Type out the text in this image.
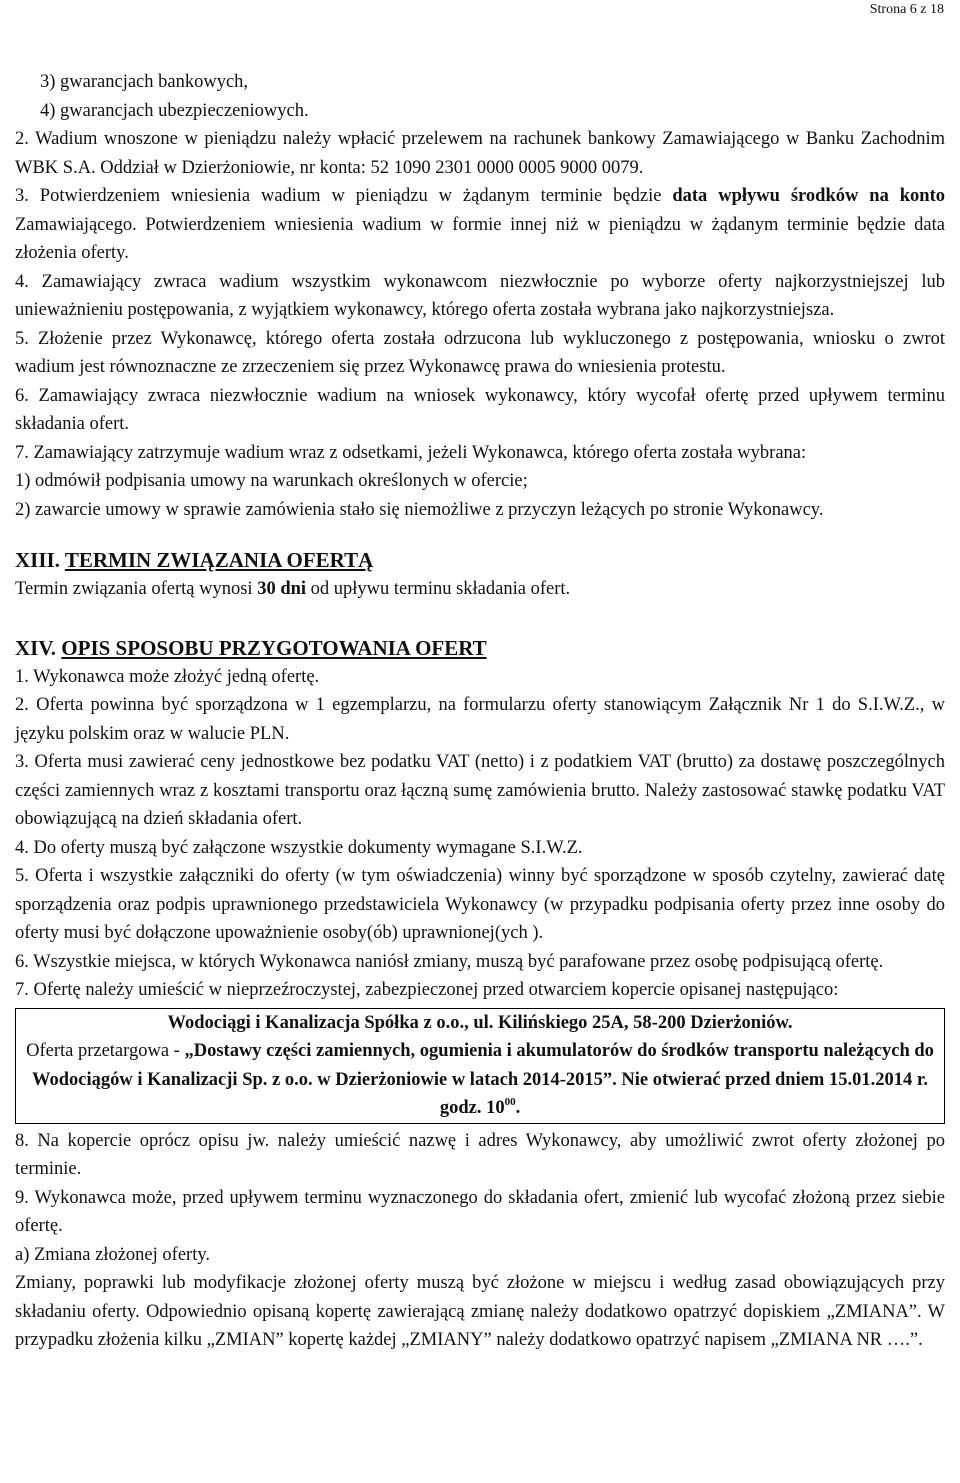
Strona 6 z 18

3) gwarancjach bankowych,

4) gwarancjach ubezpieczeniowych.

2. Wadium wnoszone w pieniądzu należy wpłacić przelewem na rachunek bankowy Zamawiającego w Banku Zachodnim WBK S.A. Oddział w Dzierżoniowie, nr konta: 52 1090 2301 0000 0005 9000 0079.

3. Potwierdzeniem wniesienia wadium w pieniądzu w żądanym terminie będzie data wpływu środków na konto Zamawiającego. Potwierdzeniem wniesienia wadium w formie innej niż w pieniądzu w żądanym terminie będzie data złożenia oferty.

4. Zamawiający zwraca wadium wszystkim wykonawcom niezwłocznie po wyborze oferty najkorzystniejszej lub unieważnieniu postępowania, z wyjątkiem wykonawcy, którego oferta została wybrana jako najkorzystniejsza.

5. Złożenie przez Wykonawcę, którego oferta została odrzucona lub wykluczonego z postępowania, wniosku o zwrot wadium jest równoznaczne ze zrzeczeniem się przez Wykonawcę prawa do wniesienia protestu.

6. Zamawiający zwraca niezwłocznie wadium na wniosek wykonawcy, który wycofał ofertę przed upływem terminu składania ofert.

7. Zamawiający zatrzymuje wadium wraz z odsetkami, jeżeli Wykonawca, którego oferta została wybrana:

1) odmówił podpisania umowy na warunkach określonych w ofercie;

2) zawarcie umowy w sprawie zamówienia stało się niemożliwe z przyczyn leżących po stronie Wykonawcy.

XIII. TERMIN ZWIĄZANIA OFERTĄ

Termin związania ofertą wynosi 30 dni od upływu terminu składania ofert.

XIV. OPIS SPOSOBU PRZYGOTOWANIA OFERT

1. Wykonawca może złożyć jedną ofertę.

2. Oferta powinna być sporządzona w 1 egzemplarzu, na formularzu oferty stanowiącym Załącznik Nr 1 do S.I.W.Z., w języku polskim oraz w walucie PLN.

3. Oferta musi zawierać ceny jednostkowe bez podatku VAT (netto) i z podatkiem VAT (brutto) za dostawę poszczególnych części zamiennych wraz z kosztami transportu oraz łączną sumę zamówienia brutto. Należy zastosować stawkę podatku VAT obowiązującą na dzień składania ofert.

4. Do oferty muszą być załączone wszystkie dokumenty wymagane S.I.W.Z.

5. Oferta i wszystkie załączniki do oferty (w tym oświadczenia) winny być sporządzone w sposób czytelny, zawierać datę sporządzenia oraz podpis uprawnionego przedstawiciela Wykonawcy (w przypadku podpisania oferty przez inne osoby do oferty musi być dołączone upoważnienie osoby(ób) uprawnionej(ych ).

6. Wszystkie miejsca, w których Wykonawca naniósł zmiany, muszą być parafowane przez osobę podpisującą ofertę.

7. Ofertę należy umieścić w nieprzeźroczystej, zabezpieczonej przed otwarciem kopercie opisanej następująco:

Wodociągi i Kanalizacja Spółka z o.o., ul. Kilińskiego 25A, 58-200 Dzierżoniów.
Oferta przetargowa - „Dostawy części zamiennych, ogumienia i akumulatorów do środków transportu należących do Wodociągów i Kanalizacji Sp. z o.o. w Dzierżoniowie w latach 2014-2015”. Nie otwierać przed dniem 15.01.2014 r. godz. $10^{00}$.

8. Na kopercie oprócz opisu jw. należy umieścić nazwę i adres Wykonawcy, aby umożliwić zwrot oferty złożonej po terminie.

9. Wykonawca może, przed upływem terminu wyznaczonego do składania ofert, zmienić lub wycofać złożoną przez siebie ofertę.

a) Zmiana złożonej oferty.

Zmiany, poprawki lub modyfikacje złożonej oferty muszą być złożone w miejscu i według zasad obowiązujących przy składaniu oferty. Odpowiednio opisaną kopertę zawierającą zmianę należy dodatkowo opatrzyć dopiskiem „ZMIANA”. W przypadku złożenia kilku „ZMIAN” kopertę każdej „ZMIANY” należy dodatkowo opatrzyć napisem „ZMIANA NR ….”.
